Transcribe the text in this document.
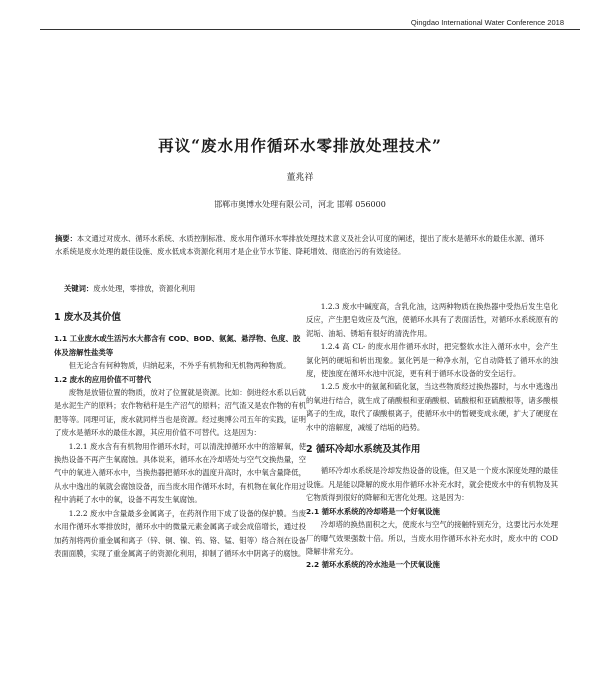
Qingdao International Water Conference 2018
再议“废水用作循环水零排放处理技术”
董兆祥
邯郸市奥博水处理有限公司，河北 邯郸 056000
摘要：本文通过对废水、循环水系统、水质控制标准、废水用作循环水零排放处理技术意义及社会认可度的阐述，提出了废水是循环水的最佳水源、循环水系统是废水处理的最佳设施、废水低成本资源化利用才是企业节水节能、降耗增效、彻底治污的有效途径。
关键词：废水处理，零排放，资源化利用
1 废水及其价值

1.1 工业废水或生活污水大都含有 COD、BOD、氨氮、悬浮物、色度、胶体及溶解性盐类等

但无论含有何种物质，归纳起来，不外乎有机物和无机物两种物质。

1.2 废水的应用价值不可替代

废物是放错位置的物质，放对了位置就是资源。比如：倒进经水系以后就是水泥生产的原料；农作物秸秆是生产沼气的原料；沼气渣又是农作物的有机肥等等。同理可证，废水就同样当也是资源。经过奥博公司五年的实践，证明了废水是循环水的最佳水源，其应用价值不可替代。这是因为：

1.2.1 废水含有有机物用作循环水时，可以清洗掉循环水中的溶解氧，使换热设备不再产生氧腐蚀。具体说来，循环水在冷却塔处与空气交换热量，空气中的氧进入循环水中，当换热器把循环水的温度升高时，水中氧含量降低，从水中逸出的氧就会腐蚀设备，而当废水用作循环水时，有机物在氧化作用过程中消耗了水中的氧，设备不再发生氧腐蚀。

1.2.2 废水中含量最多金属离子，在药剂作用下成了设备的保护膜。当废水用作循环水零排放时，循环水中的微量元素金属离子或会成倍增长，通过投加药剂将两价重金属和离子（锌、铜、镍、钨、铬、锰、钼等）络合剂在设备表面面膜，实现了重金属离子的资源化利用，抑制了循环水中阴离子的腐蚀。

1.2.3 废水中碱度高，含乳化油，这两种物质在换热器中受热后发生皂化反应，产生肥皂效应及气泡，使循环水具有了表面活性，对循环水系统原有的泥垢、油垢、锈垢有很好的清洗作用。

1.2.4 高 CL- 的废水用作循环水时，把完整软水注入循环水中，会产生氯化钙的硬垢和析出现象。氯化钙是一种净水剂，它自动降低了循环水的浊度，使浊度在循环水池中沉淀，更有利于循环水设备的安全运行。

1.2.5 废水中的氨氮和硫化氢，当这些物质经过换热器时，与水中逃逸出的氧进行结合，就生成了硝酸根和亚硝酸根、硫酸根和亚硫酸根等，诸多酸根离子的生成，取代了碳酸根离子，使循环水中的暂硬变成永硬，扩大了硬度在水中的溶解度，减缓了结垢的趋势。

2 循环冷却水系统及其作用

循环冷却水系统是冷却发热设备的设施，但又是一个废水深度处理的最佳设施。凡是能以降解的废水用作循环水补充水时，就会使废水中的有机物及其它物质得到很好的降解和无害化处理。这是因为：

2.1 循环水系统的冷却塔是一个好氧设施

冷却塔的换热面积之大，使废水与空气的接触特别充分，这要比污水处理厂的曝气效果强数十倍。所以，当废水用作循环水补充水时，废水中的 COD 降解非常充分。

2.2 循环水系统的冷水池是一个厌氧设施
